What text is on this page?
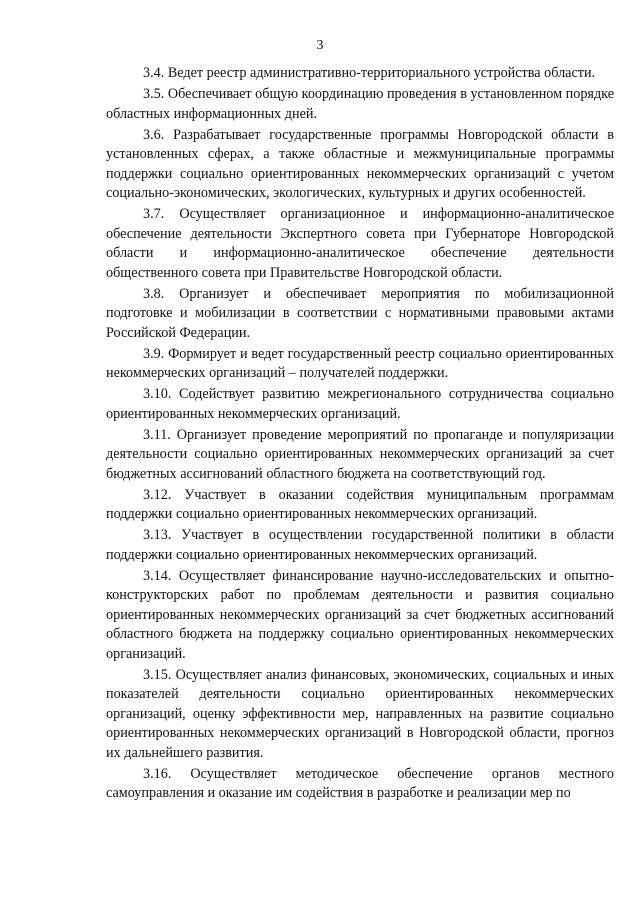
3

3.4. Ведет реестр административно-территориального устройства области.

3.5. Обеспечивает общую координацию проведения в установленном порядке областных информационных дней.

3.6. Разрабатывает государственные программы Новгородской области в установленных сферах, а также областные и межмуниципальные программы поддержки социально ориентированных некоммерческих организаций с учетом социально-экономических, экологических, культурных и других особенностей.

3.7. Осуществляет организационное и информационно-аналитическое обеспечение деятельности Экспертного совета при Губернаторе Новгородской области и информационно-аналитическое обеспечение деятельности общественного совета при Правительстве Новгородской области.

3.8. Организует и обеспечивает мероприятия по мобилизационной подготовке и мобилизации в соответствии с нормативными правовыми актами Российской Федерации.

3.9. Формирует и ведет государственный реестр социально ориентированных некоммерческих организаций – получателей поддержки.

3.10. Содействует развитию межрегионального сотрудничества социально ориентированных некоммерческих организаций.

3.11. Организует проведение мероприятий по пропаганде и популяризации деятельности социально ориентированных некоммерческих организаций за счет бюджетных ассигнований областного бюджета на соответствующий год.

3.12. Участвует в оказании содействия муниципальным программам поддержки социально ориентированных некоммерческих организаций.

3.13. Участвует в осуществлении государственной политики в области поддержки социально ориентированных некоммерческих организаций.

3.14. Осуществляет финансирование научно-исследовательских и опытно-конструкторских работ по проблемам деятельности и развития социально ориентированных некоммерческих организаций за счет бюджетных ассигнований областного бюджета на поддержку социально ориентированных некоммерческих организаций.

3.15. Осуществляет анализ финансовых, экономических, социальных и иных показателей деятельности социально ориентированных некоммерческих организаций, оценку эффективности мер, направленных на развитие социально ориентированных некоммерческих организаций в Новгородской области, прогноз их дальнейшего развития.

3.16. Осуществляет методическое обеспечение органов местного самоуправления и оказание им содействия в разработке и реализации мер по
